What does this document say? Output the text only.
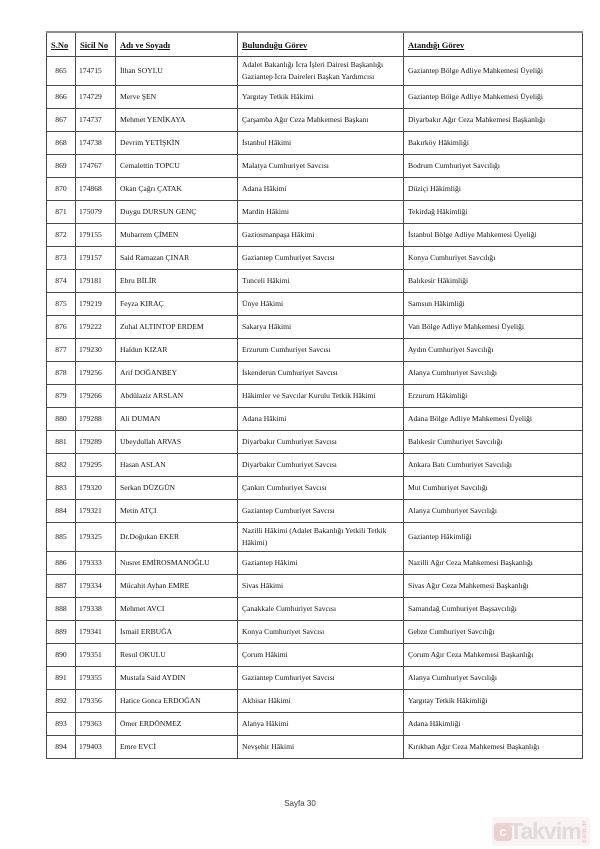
S.No	Sicil No	Adı ve Soyadı	Bulunduğu Görev	Atandığı Görev
865	174715	İlhan SOYLU	Adalet Bakanlığı İcra İşleri Dairesi Başkanlığı Gaziantep İcra Daireleri Başkan Yardımcısı	Gaziantep Bölge Adliye Mahkemesi Üyeliği
866	174729	Merve ŞEN	Yargıtay Tetkik Hâkimi	Gaziantep Bölge Adliye Mahkemesi Üyeliği
867	174737	Mehmet YENİKAYA	Çarşamba Ağır Ceza Mahkemesi Başkanı	Diyarbakır Ağır Ceza Mahkemesi Başkanlığı
868	174738	Devrim YETİŞKİN	İstanbul Hâkimi	Bakırköy Hâkimliği
869	174767	Cemalettin TOPCU	Malatya Cumhuriyet Savcısı	Bodrum Cumhuriyet Savcılığı
870	174868	Okan Çağrı ÇATAK	Adana Hâkimi	Düziçi Hâkimliği
871	175079	Duygu DURSUN GENÇ	Mardin Hâkimi	Tekirdağ Hâkimliği
872	179155	Muharrem ÇİMEN	Gaziosmanpaşa Hâkimi	İstanbul Bölge Adliye Mahkemesi Üyeliği
873	179157	Said Ramazan ÇINAR	Gaziantep Cumhuriyet Savcısı	Konya Cumhuriyet Savcılığı
874	179181	Ebru BİLİR	Tunceli Hâkimi	Balıkesir Hâkimliği
875	179219	Feyza KIRAÇ	Ünye Hâkimi	Samsun Hâkimliği
876	179222	Zuhal ALTINTOP ERDEM	Sakarya Hâkimi	Van Bölge Adliye Mahkemesi Üyeliği
877	179230	Haldun KIZAR	Erzurum Cumhuriyet Savcısı	Aydın Cumhuriyet Savcılığı
878	179256	Arif DOĞANBEY	İskenderun Cumhuriyet Savcısı	Alanya Cumhuriyet Savcılığı
879	179266	Abdülaziz ARSLAN	Hâkimler ve Savcılar Kurulu Tetkik Hâkimi	Erzurum Hâkimliği
880	179288	Ali DUMAN	Adana Hâkimi	Adana Bölge Adliye Mahkemesi Üyeliği
881	179289	Ubeydullah ARVAS	Diyarbakır Cumhuriyet Savcısı	Balıkesir Cumhuriyet Savcılığı
882	179295	Hasan ASLAN	Diyarbakır Cumhuriyet Savcısı	Ankara Batı Cumhuriyet Savcılığı
883	179320	Serkan DÜZGÜN	Çankırı Cumhuriyet Savcısı	Mut Cumhuriyet Savcılığı
884	179321	Metin ATÇI	Gaziantep Cumhuriyet Savcısı	Alanya Cumhuriyet Savcılığı
885	179325	Dr.Doğukan EKER	Nazilli Hâkimi (Adalet Bakanlığı Yetkili Tetkik Hâkimi)	Gaziantep Hâkimliği
886	179333	Nusret EMİROSMANOĞLU	Gaziantep Hâkimi	Nazilli Ağır Ceza Mahkemesi Başkanlığı
887	179334	Mücahit Ayhan EMRE	Sivas Hâkimi	Sivas Ağır Ceza Mahkemesi Başkanlığı
888	179338	Mehmet AVCI	Çanakkale Cumhuriyet Savcısı	Samandağ Cumhuriyet Başsavcılığı
889	179341	İsmail ERBUĞA	Konya Cumhuriyet Savcısı	Gebze Cumhuriyet Savcılığı
890	179351	Resul OKULU	Çorum Hâkimi	Çorum Ağır Ceza Mahkemesi Başkanlığı
891	179355	Mustafa Said AYDIN	Gaziantep Cumhuriyet Savcısı	Alanya Cumhuriyet Savcılığı
892	179356	Hatice Gonca ERDOĞAN	Akhisar Hâkimi	Yargıtay Tetkik Hâkimliği
893	179363	Ömer ERDÖNMEZ	Alanya Hâkimi	Adana Hâkimliği
894	179403	Emre EVCİ	Nevşehir Hâkimi	Kırıkhan Ağır Ceza Mahkemesi Başkanlığı
Sayfa 30
c Takvim com.tr
